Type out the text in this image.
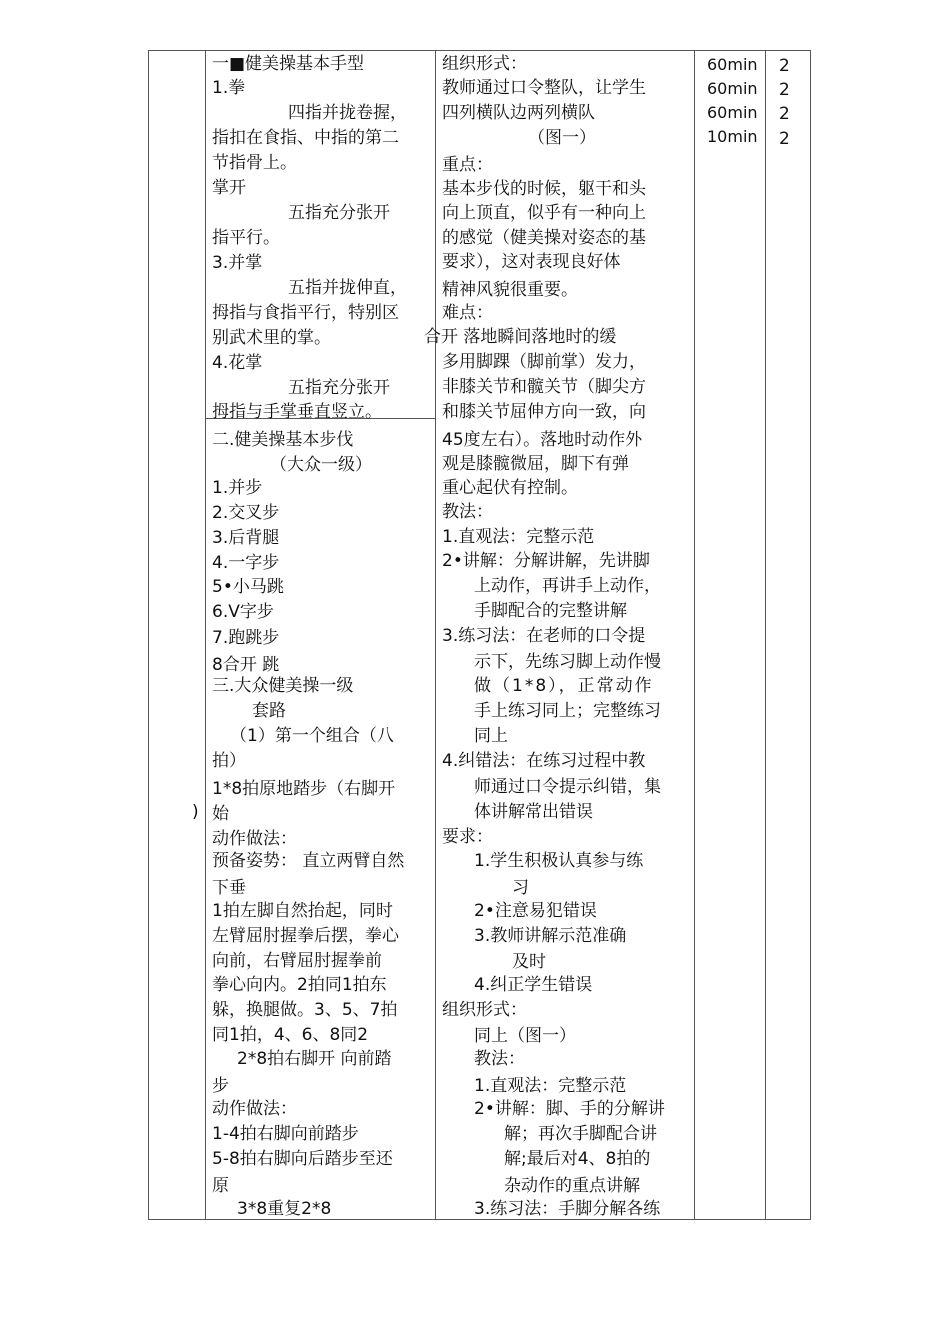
)
一■健美操基本手型
1.拳
四指并拢卷握，
指扣在食指、中指的第二
节指骨上。
掌开
五指充分张开
指平行。
3.并掌
五指并拢伸直，
拇指与食指平行，特别区
别武术里的掌。
4.花掌
五指充分张开
拇指与手掌垂直竖立。
二.健美操基本步伐
（大众一级）
1.并步
2.交叉步
3.后背腿
4.一字步
5•小马跳
6.V字步
7.跑跳步
8合开 跳
三.大众健美操一级
套路
（1）第一个组合（八
拍）
1*8拍原地踏步（右脚开
始
动作做法：
预备姿势： 直立两臂自然
下垂
1拍左脚自然抬起，同时
左臂屈肘握拳后摆，拳心
向前，右臂屈肘握拳前
拳心向内。2拍同1拍东
躲，换腿做。3、5、7拍
同1拍，4、6、8同2
2*8拍右脚开 向前踏
步
动作做法：
1-4拍右脚向前踏步
5-8拍右脚向后踏步至还
原
3*8重复2*8
组织形式：
教师通过口令整队，让学生
四列横队边两列横队
（图一）
重点：
基本步伐的时候，躯干和头
向上顶直，似乎有一种向上
的感觉（健美操对姿态的基
要求），这对表现良好体
精神风貌很重要。
难点：
合开 落地瞬间落地时的缓
多用脚踝（脚前掌）发力，
非膝关节和髋关节（脚尖方
和膝关节屈伸方向一致，向
45度左右）。落地时动作外
观是膝髋微屈，脚下有弹
重心起伏有控制。
教法：
1.直观法：完整示范
2•讲解：分解讲解，先讲脚
上动作，再讲手上动作，
手脚配合的完整讲解
3.练习法：在老师的口令提
示下，先练习脚上动作慢
做（1*8），正常动作
手上练习同上；完整练习
同上
4.纠错法：在练习过程中教
师通过口令提示纠错，集
体讲解常出错误
要求：
1.学生积极认真参与练
习
2•注意易犯错误
3.教师讲解示范准确
及时
4.纠正学生错误
组织形式：
同上（图一）
教法：
1.直观法：完整示范
2•讲解：脚、手的分解讲
解；再次手脚配合讲
解;最后对4、8拍的
杂动作的重点讲解
3.练习法：手脚分解各练
60min
60min
60min
10min
2
2
2
2
